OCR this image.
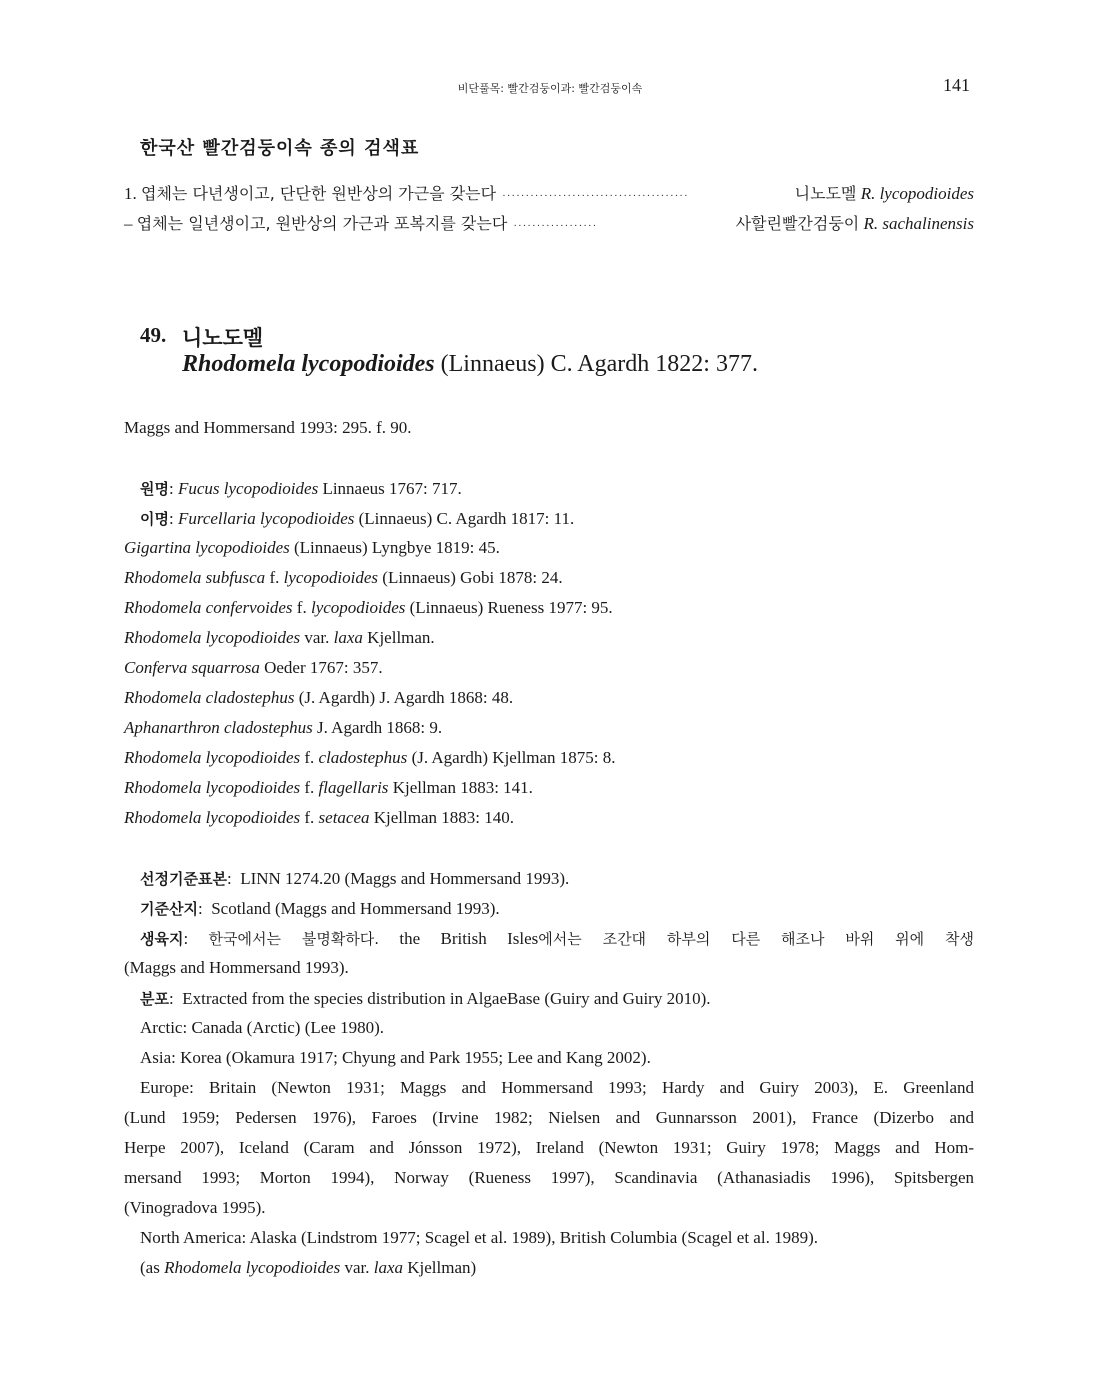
비단풀목: 빨간검둥이과: 빨간검둥이속	141
한국산 빨간검둥이속 종의 검색표
1. 엽체는 다년생이고, 단단한 원반상의 가근을 갖는다 ········································	니노도멜 R. lycopodioides
– 엽체는 일년생이고, 원반상의 가근과 포복지를 갖는다 ··················	사할린빨간검둥이 R. sachalinensis
49. 니노도멜
Rhodomela lycopodioides (Linnaeus) C. Agardh 1822: 377.
Maggs and Hommersand 1993: 295. f. 90.
원명: Fucus lycopodioides Linnaeus 1767: 717.
이명: Furcellaria lycopodioides (Linnaeus) C. Agardh 1817: 11.
Gigartina lycopodioides (Linnaeus) Lyngbye 1819: 45.
Rhodomela subfusca f. lycopodioides (Linnaeus) Gobi 1878: 24.
Rhodomela confervoides f. lycopodioides (Linnaeus) Rueness 1977: 95.
Rhodomela lycopodioides var. laxa Kjellman.
Conferva squarrosa Oeder 1767: 357.
Rhodomela cladostephus (J. Agardh) J. Agardh 1868: 48.
Aphanarthron cladostephus J. Agardh 1868: 9.
Rhodomela lycopodioides f. cladostephus (J. Agardh) Kjellman 1875: 8.
Rhodomela lycopodioides f. flagellaris Kjellman 1883: 141.
Rhodomela lycopodioides f. setacea Kjellman 1883: 140.
선정기준표본:  LINN 1274.20 (Maggs and Hommersand 1993).
기준산지:  Scotland (Maggs and Hommersand 1993).
생육지: 한국에서는 불명확하다. the British Isles에서는 조간대 하부의 다른 해조나 바위 위에 착생
(Maggs and Hommersand 1993).
분포:  Extracted from the species distribution in AlgaeBase (Guiry and Guiry 2010).
Arctic: Canada (Arctic) (Lee 1980).
Asia: Korea (Okamura 1917; Chyung and Park 1955; Lee and Kang 2002).
Europe: Britain (Newton 1931; Maggs and Hommersand 1993; Hardy and Guiry 2003), E. Greenland
(Lund 1959; Pedersen 1976), Faroes (Irvine 1982; Nielsen and Gunnarsson 2001), France (Dizerbo and
Herpe 2007), Iceland (Caram and Jónsson 1972), Ireland (Newton 1931; Guiry 1978; Maggs and Hom-
mersand 1993; Morton 1994), Norway (Rueness 1997), Scandinavia (Athanasiadis 1996), Spitsbergen
(Vinogradova 1995).
North America: Alaska (Lindstrom 1977; Scagel et al. 1989), British Columbia (Scagel et al. 1989).
(as Rhodomela lycopodioides var. laxa Kjellman)
